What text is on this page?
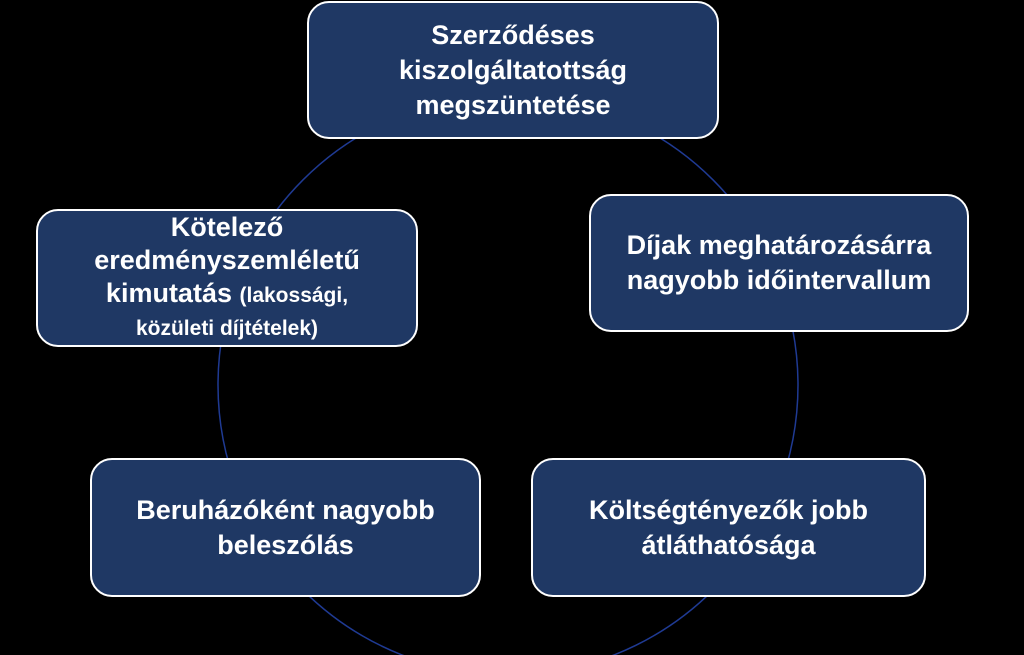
Szerződéses
kiszolgáltatottság
megszüntetése
Díjak meghatározásárra
nagyobb időintervallum
Költségtényezők jobb
átláthatósága
Beruházóként nagyobb
beleszólás
Kötelező
eredményszemléletű
kimutatás (lakossági,
közületi díjtételek)
